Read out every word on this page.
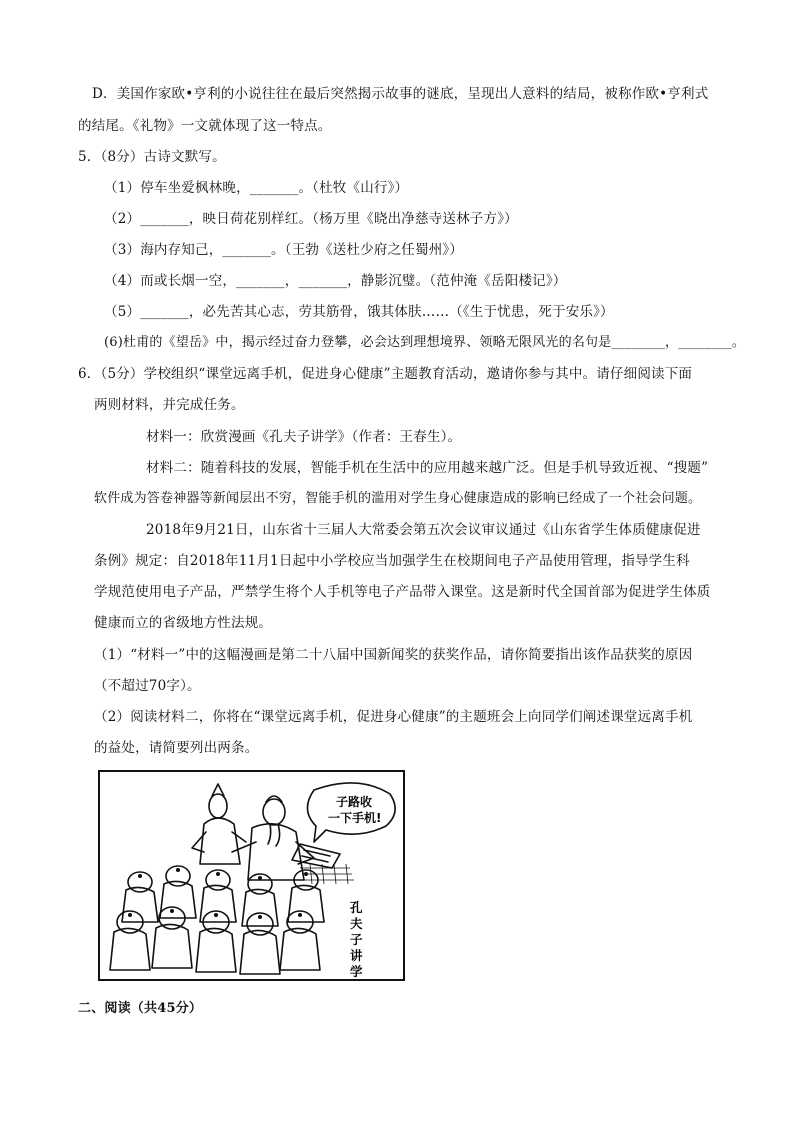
D．美国作家欧•亨利的小说往往在最后突然揭示故事的谜底，呈现出人意料的结局，被称作欧•亨利式
的结尾。《礼物》一文就体现了这一特点。
5．（8分）古诗文默写。
（1）停车坐爱枫林晚，_______。（杜牧《山行》）
（2）_______，映日荷花别样红。（杨万里《晓出净慈寺送林子方》）
（3）海内存知己，_______。（王勃《送杜少府之任蜀州》）
（4）而或长烟一空，_______，_______，静影沉璧。（范仲淹《岳阳楼记》）
（5）_______，必先苦其心志，劳其筋骨，饿其体肤……（《生于忧患，死于安乐》）
(6)杜甫的《望岳》中，揭示经过奋力登攀，必会达到理想境界、领略无限风光的名句是________，________。
6．（5分）学校组织“课堂远离手机，促进身心健康”主题教育活动，邀请你参与其中。请仔细阅读下面
两则材料，并完成任务。
材料一：欣赏漫画《孔夫子讲学》（作者：王春生）。
材料二：随着科技的发展，智能手机在生活中的应用越来越广泛。但是手机导致近视、“搜题”
软件成为答卷神器等新闻层出不穷，智能手机的滥用对学生身心健康造成的影响已经成了一个社会问题。
2018年9月21日，山东省十三届人大常委会第五次会议审议通过《山东省学生体质健康促进
条例》规定：自2018年11月1日起中小学校应当加强学生在校期间电子产品使用管理，指导学生科
学规范使用电子产品，严禁学生将个人手机等电子产品带入课堂。这是新时代全国首部为促进学生体质
健康而立的省级地方性法规。
（1）“材料一”中的这幅漫画是第二十八届中国新闻奖的获奖作品，请你简要指出该作品获奖的原因
（不超过70字）。
（2）阅读材料二，你将在“课堂远离手机，促进身心健康”的主题班会上向同学们阐述课堂远离手机
的益处，请简要列出两条。
子路收
一下手机!
孔
夫
子
讲
学
二、阅读（共45分）
